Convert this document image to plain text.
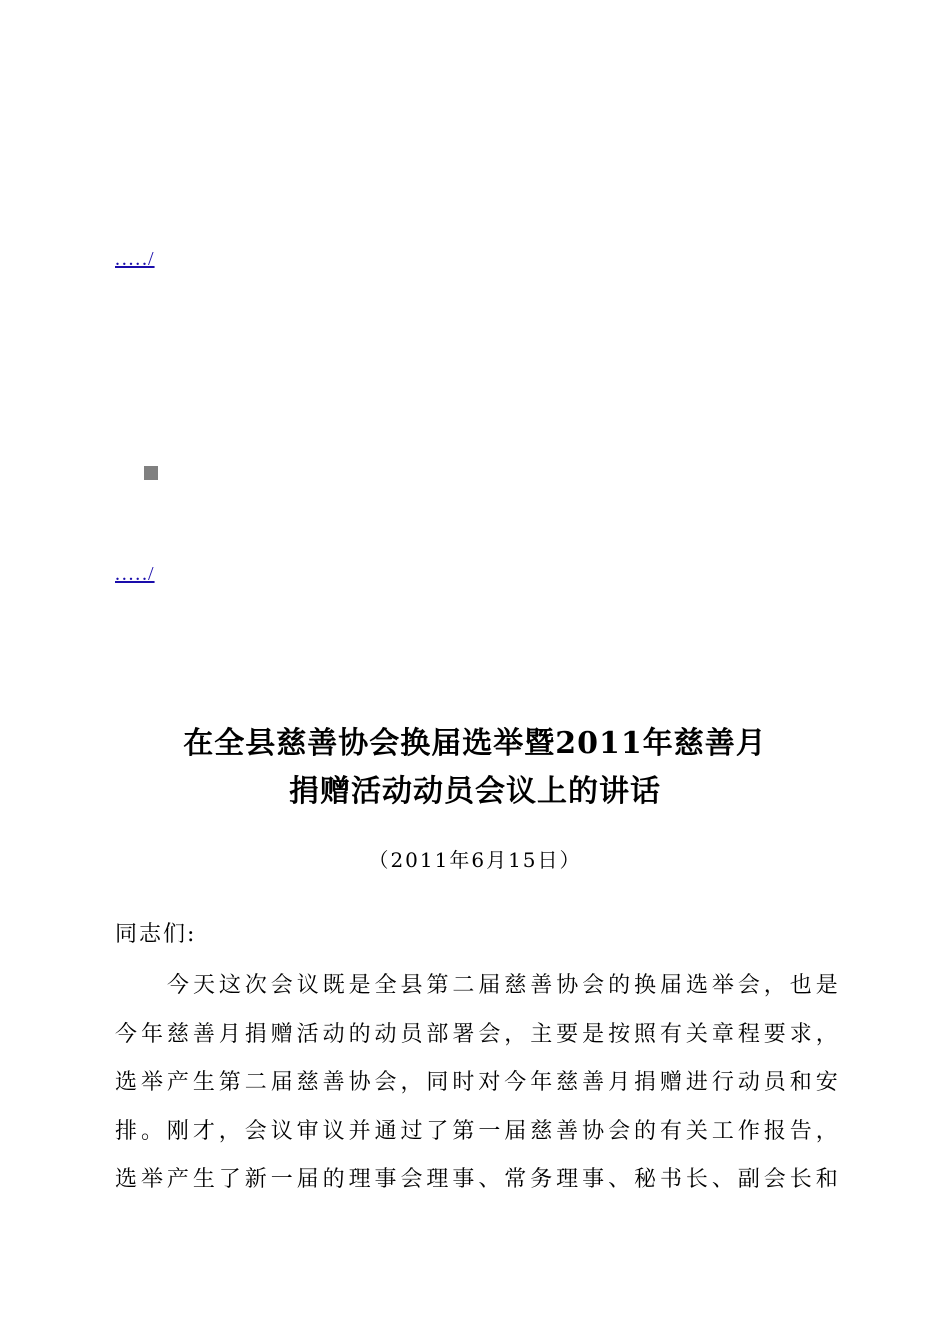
.…./
.…./
在全县慈善协会换届选举暨2011年慈善月
捐赠活动动员会议上的讲话
（2011年6月15日）
同志们:
今天这次会议既是全县第二届慈善协会的换届选举会，也是
今年慈善月捐赠活动的动员部署会，主要是按照有关章程要求，
选举产生第二届慈善协会，同时对今年慈善月捐赠进行动员和安
排。刚才，会议审议并通过了第一届慈善协会的有关工作报告，
选举产生了新一届的理事会理事、常务理事、秘书长、副会长和
